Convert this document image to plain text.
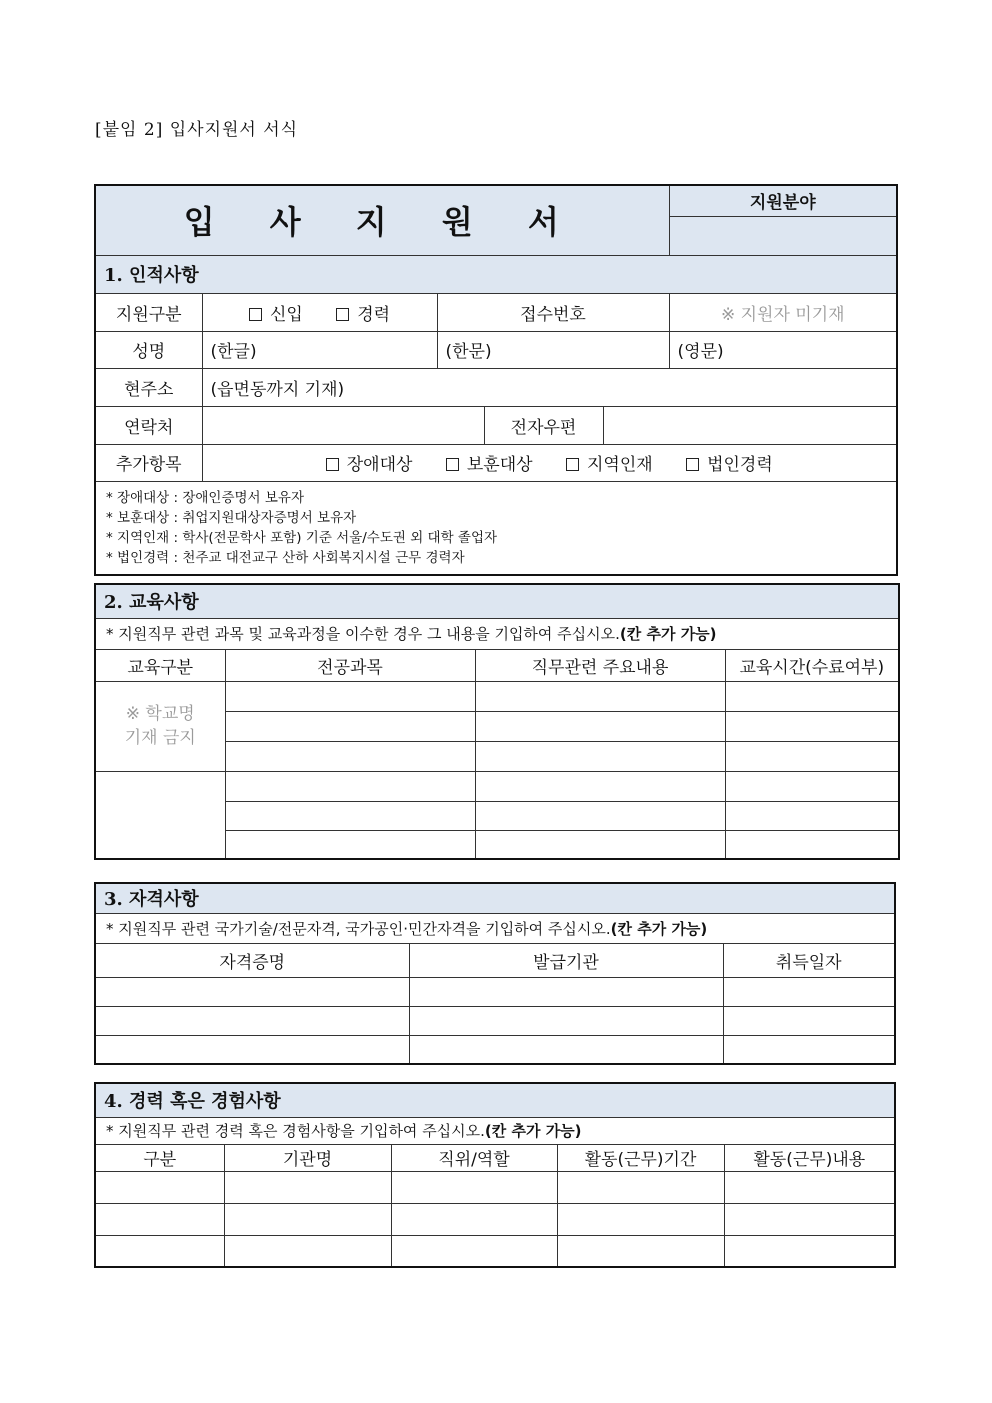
[붙임 2] 입사지원서 서식
입 사 지 원 서					지원분야

1. 인적사항					
지원구분	신입 경력	접수번호			※ 지원자 미기재
성명	(한글)	(한문)			(영문)
현주소	(읍면동까지 기재)				
연락처			전자우편		
추가항목	장애대상 보훈대상 지역인재 법인경력				

* 장애대상 : 장애인증명서 보유자
* 보훈대상 : 취업지원대상자증명서 보유자
* 지역인재 : 학사(전문학사 포함) 기준 서울/수도권 외 대학 졸업자
* 법인경력 : 천주교 대전교구 산하 사회복지시설 근무 경력자					
2. 교육사항			
* 지원직무 관련 과목 및 교육과정을 이수한 경우 그 내용을 기입하여 주십시오.(칸 추가 가능)			
교육구분	전공과목	직무관련 주요내용	교육시간(수료여부)

※ 학교명
기재 금지			

3. 자격사항		
* 지원직무 관련 국가기술/전문자격, 국가공인·민간자격을 기입하여 주십시오.(칸 추가 가능)		
자격증명	발급기관	취득일자

4. 경력 혹은 경험사항				
* 지원직무 관련 경력 혹은 경험사항을 기입하여 주십시오.(칸 추가 가능)				
구분	기관명	직위/역할	활동(근무)기간	활동(근무)내용
